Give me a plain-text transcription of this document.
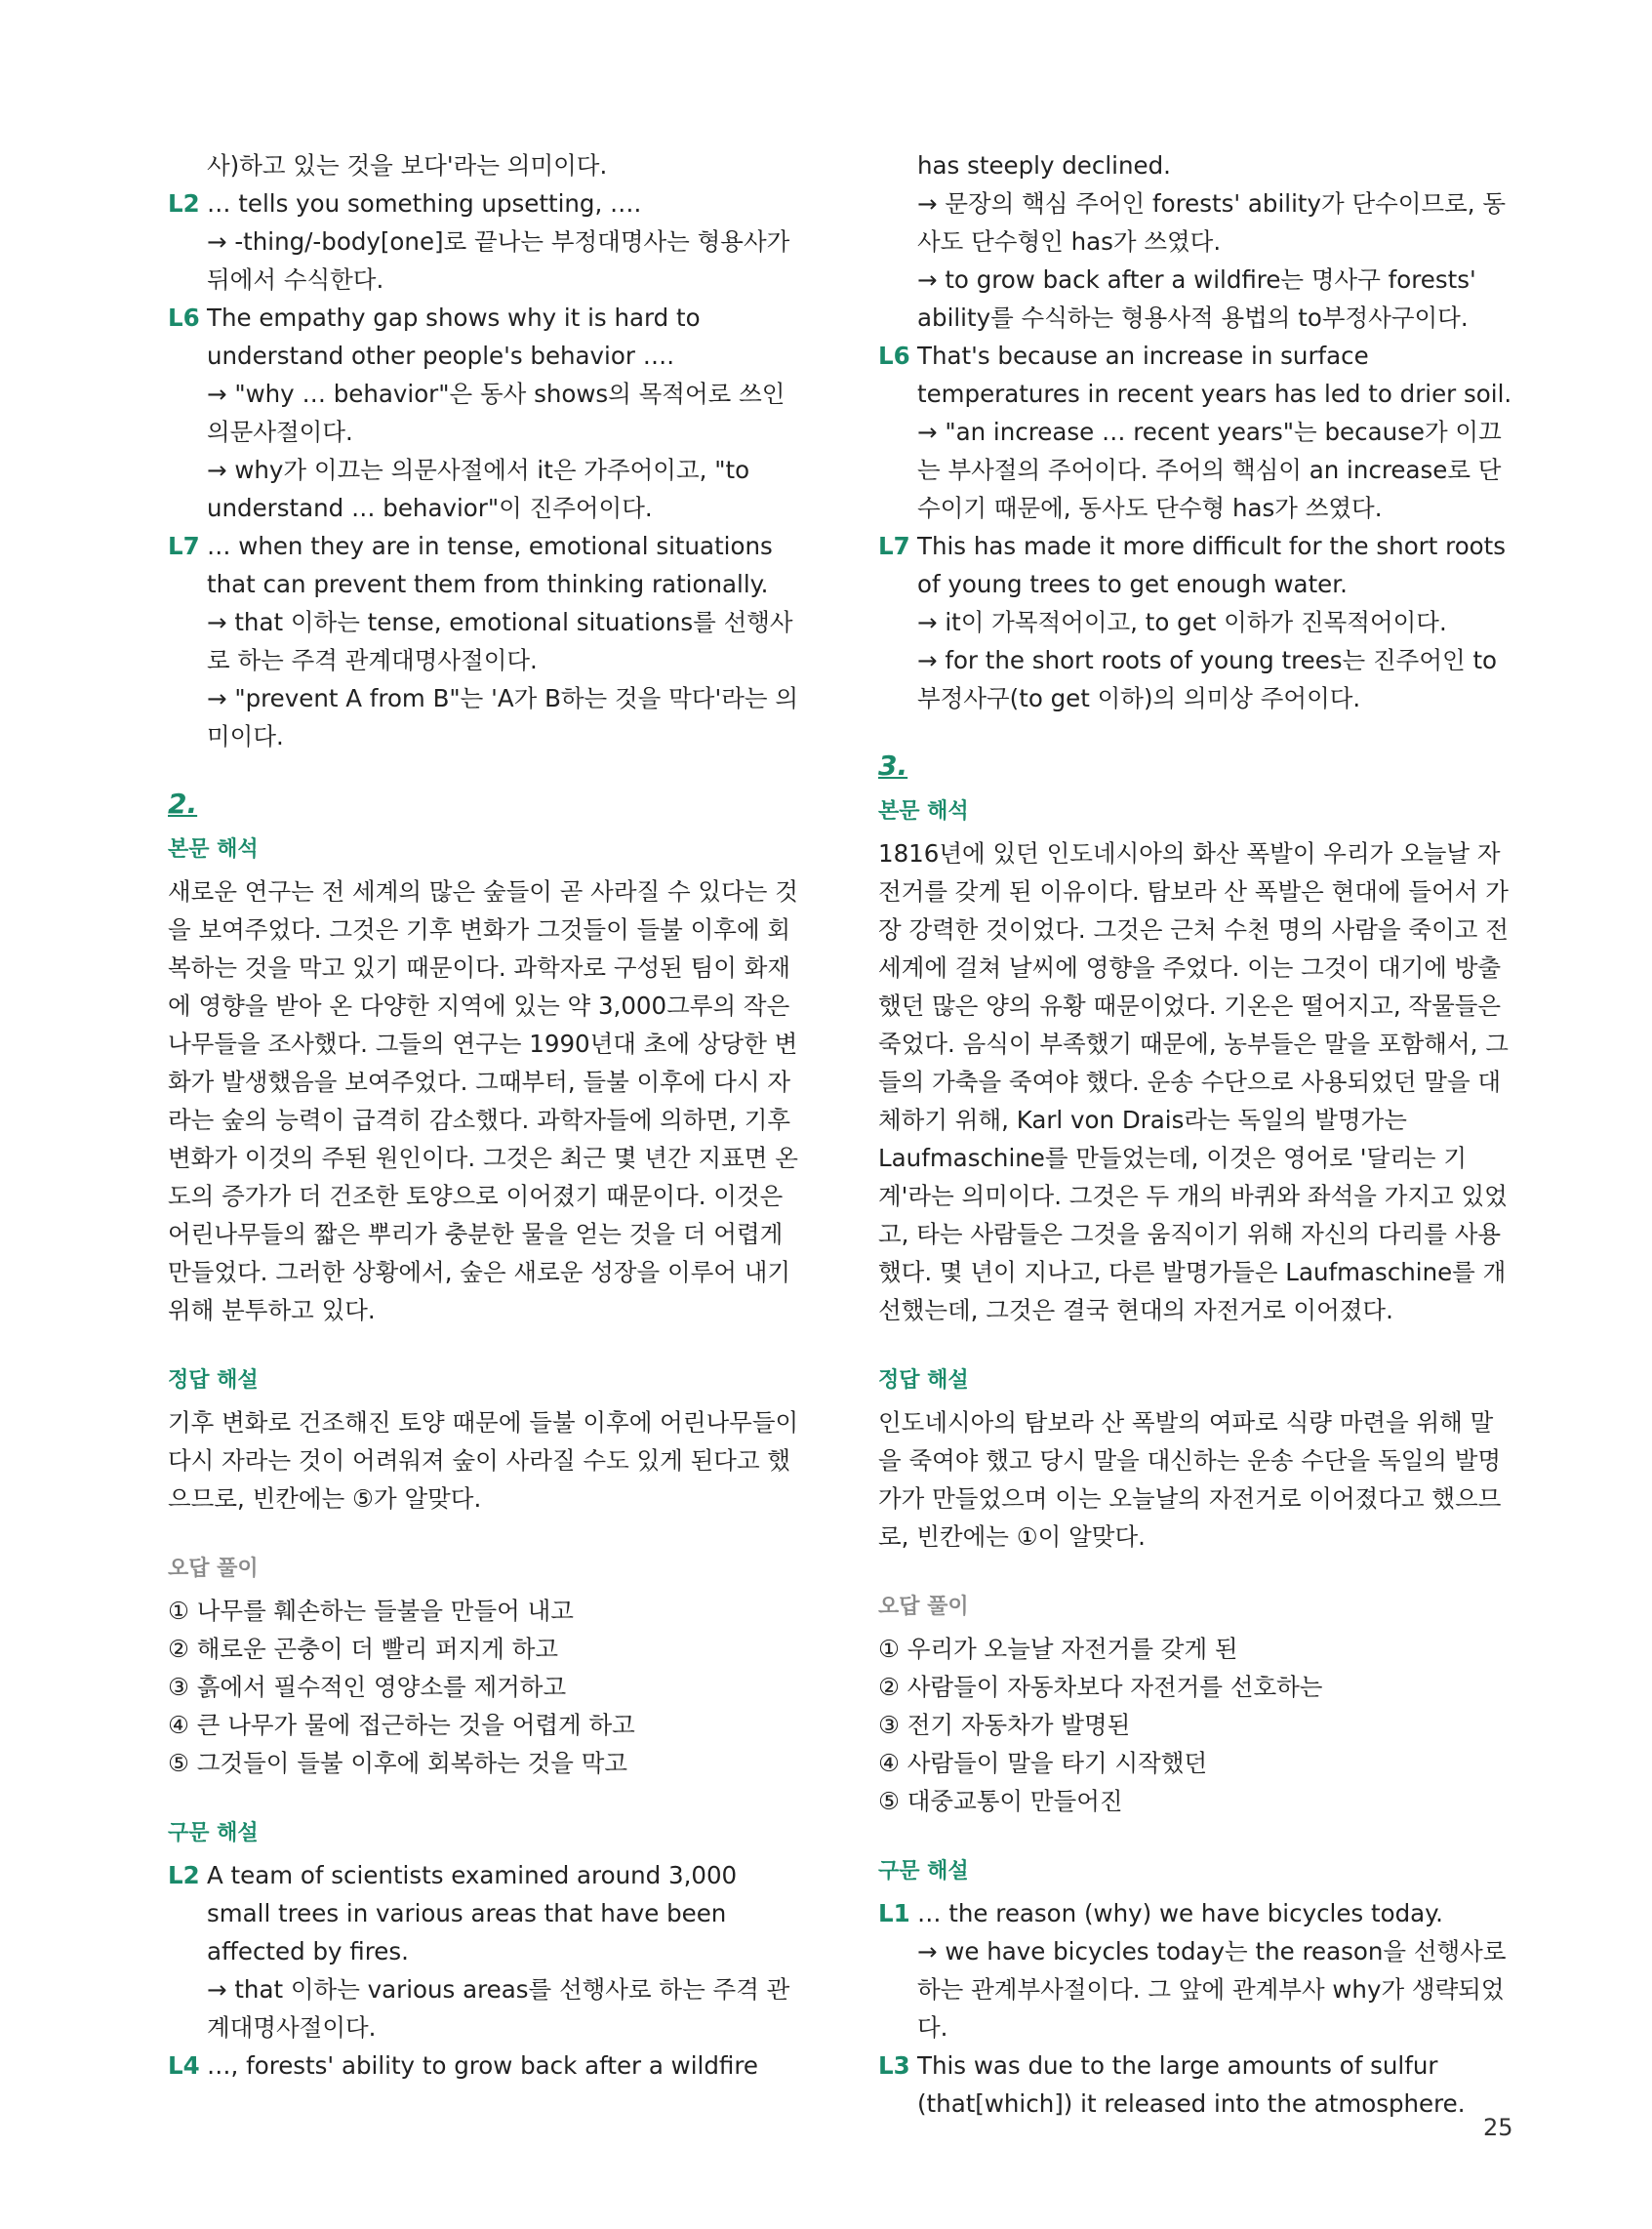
사)하고 있는 것을 보다'라는 의미이다.

L2 … tells you something upsetting, ….

→ -thing/-body[one]로 끝나는 부정대명사는 형용사가 뒤에서 수식한다.

L6 The empathy gap shows why it is hard to understand other people's behavior ….

→ "why … behavior"은 동사 shows의 목적어로 쓰인 의문사절이다.

→ why가 이끄는 의문사절에서 it은 가주어이고, "to understand … behavior"이 진주어이다.

L7 … when they are in tense, emotional situations that can prevent them from thinking rationally.

→ that 이하는 tense, emotional situations를 선행사로 하는 주격 관계대명사절이다.

→ "prevent A from B"는 'A가 B하는 것을 막다'라는 의미이다.

2.
본문 해석

새로운 연구는 전 세계의 많은 숲들이 곧 사라질 수 있다는 것을 보여주었다. 그것은 기후 변화가 그것들이 들불 이후에 회복하는 것을 막고 있기 때문이다. 과학자로 구성된 팀이 화재에 영향을 받아 온 다양한 지역에 있는 약 3,000그루의 작은 나무들을 조사했다. 그들의 연구는 1990년대 초에 상당한 변화가 발생했음을 보여주었다. 그때부터, 들불 이후에 다시 자라는 숲의 능력이 급격히 감소했다. 과학자들에 의하면, 기후 변화가 이것의 주된 원인이다. 그것은 최근 몇 년간 지표면 온도의 증가가 더 건조한 토양으로 이어졌기 때문이다. 이것은 어린나무들의 짧은 뿌리가 충분한 물을 얻는 것을 더 어렵게 만들었다. 그러한 상황에서, 숲은 새로운 성장을 이루어 내기 위해 분투하고 있다.

정답 해설

기후 변화로 건조해진 토양 때문에 들불 이후에 어린나무들이 다시 자라는 것이 어려워져 숲이 사라질 수도 있게 된다고 했으므로, 빈칸에는 ⑤가 알맞다.

오답 풀이

① 나무를 훼손하는 들불을 만들어 내고

② 해로운 곤충이 더 빨리 퍼지게 하고

③ 흙에서 필수적인 영양소를 제거하고

④ 큰 나무가 물에 접근하는 것을 어렵게 하고

⑤ 그것들이 들불 이후에 회복하는 것을 막고

구문 해설
L2 A team of scientists examined around 3,000 small trees in various areas that have been affected by fires.

→ that 이하는 various areas를 선행사로 하는 주격 관계대명사절이다.

L4 …, forests' ability to grow back after a wildfire

has steeply declined.

→ 문장의 핵심 주어인 forests' ability가 단수이므로, 동사도 단수형인 has가 쓰였다.

→ to grow back after a wildfire는 명사구 forests' ability를 수식하는 형용사적 용법의 to부정사구이다.

L6 That's because an increase in surface temperatures in recent years has led to drier soil.

→ "an increase … recent years"는 because가 이끄는 부사절의 주어이다. 주어의 핵심이 an increase로 단수이기 때문에, 동사도 단수형 has가 쓰였다.

L7 This has made it more difficult for the short roots of young trees to get enough water.

→ it이 가목적어이고, to get 이하가 진목적어이다.

→ for the short roots of young trees는 진주어인 to부정사구(to get 이하)의 의미상 주어이다.

3.
본문 해석

1816년에 있던 인도네시아의 화산 폭발이 우리가 오늘날 자전거를 갖게 된 이유이다. 탐보라 산 폭발은 현대에 들어서 가장 강력한 것이었다. 그것은 근처 수천 명의 사람을 죽이고 전 세계에 걸쳐 날씨에 영향을 주었다. 이는 그것이 대기에 방출했던 많은 양의 유황 때문이었다. 기온은 떨어지고, 작물들은 죽었다. 음식이 부족했기 때문에, 농부들은 말을 포함해서, 그들의 가축을 죽여야 했다. 운송 수단으로 사용되었던 말을 대체하기 위해, Karl von Drais라는 독일의 발명가는 Laufmaschine를 만들었는데, 이것은 영어로 '달리는 기계'라는 의미이다. 그것은 두 개의 바퀴와 좌석을 가지고 있었고, 타는 사람들은 그것을 움직이기 위해 자신의 다리를 사용했다. 몇 년이 지나고, 다른 발명가들은 Laufmaschine를 개선했는데, 그것은 결국 현대의 자전거로 이어졌다.

정답 해설

인도네시아의 탐보라 산 폭발의 여파로 식량 마련을 위해 말을 죽여야 했고 당시 말을 대신하는 운송 수단을 독일의 발명가가 만들었으며 이는 오늘날의 자전거로 이어졌다고 했으므로, 빈칸에는 ①이 알맞다.

오답 풀이

① 우리가 오늘날 자전거를 갖게 된

② 사람들이 자동차보다 자전거를 선호하는

③ 전기 자동차가 발명된

④ 사람들이 말을 타기 시작했던

⑤ 대중교통이 만들어진

구문 해설
L1 … the reason (why) we have bicycles today.

→ we have bicycles today는 the reason을 선행사로 하는 관계부사절이다. 그 앞에 관계부사 why가 생략되었다.

L3 This was due to the large amounts of sulfur (that[which]) it released into the atmosphere.
25
